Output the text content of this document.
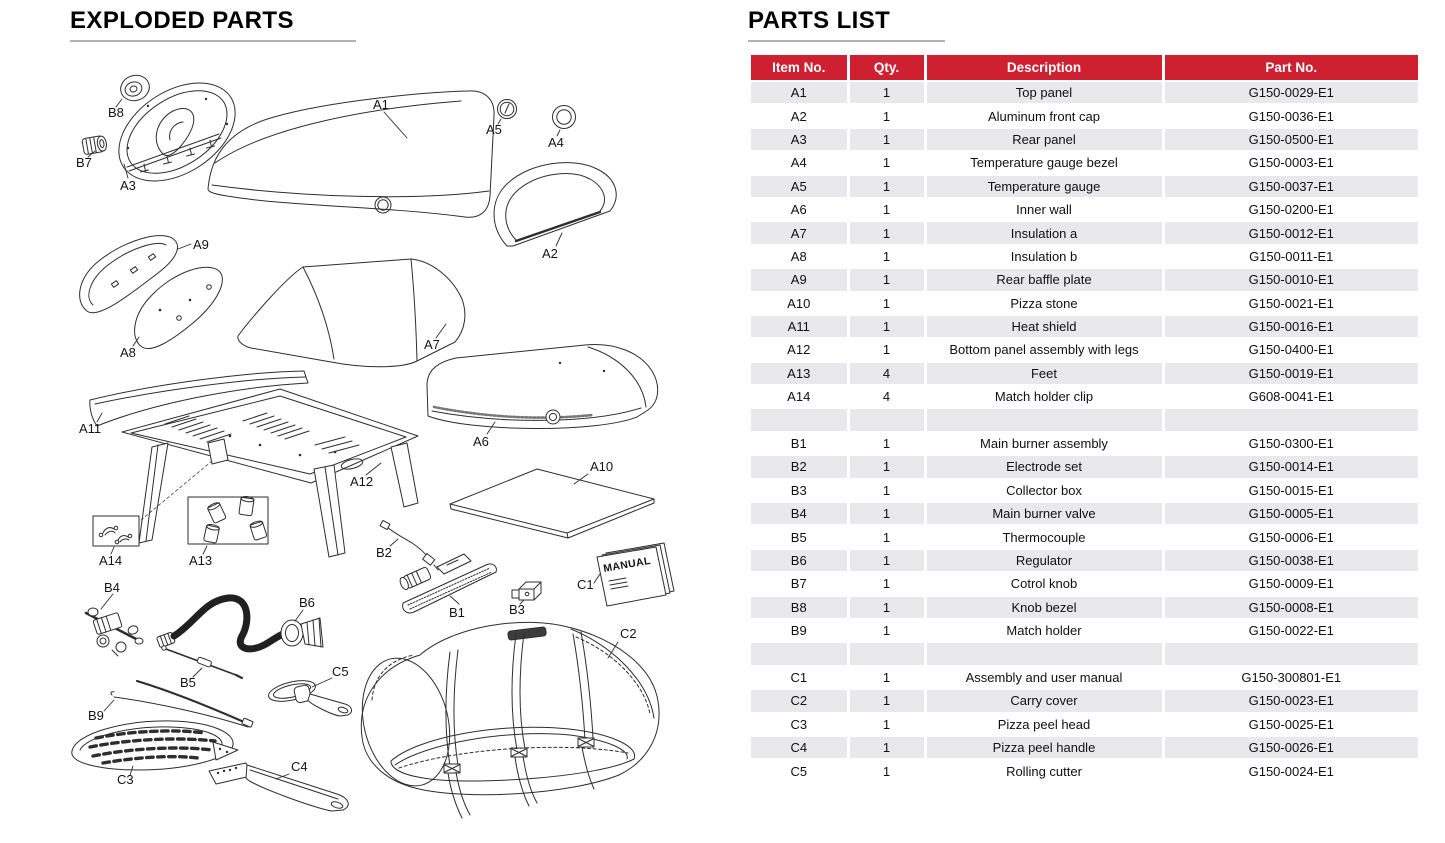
EXPLODED PARTS	PARTS LIST
A1
B8
B7
A3
A5
A4
A2
A9
A8
A7
A11
A12
A6
A10
A14	A13
B2
B1	B3
MANUAL
C1
B4
B6
B5
C5
B9
C3
C4
C2
Item No.	Qty.	Description	Part No.
A1	1	Top panel	G150-0029-E1
A2	1	Aluminum front cap	G150-0036-E1
A3	1	Rear panel	G150-0500-E1
A4	1	Temperature gauge bezel	G150-0003-E1
A5	1	Temperature gauge	G150-0037-E1
A6	1	Inner wall	G150-0200-E1
A7	1	Insulation a	G150-0012-E1
A8	1	Insulation b	G150-0011-E1
A9	1	Rear baffle plate	G150-0010-E1
A10	1	Pizza stone	G150-0021-E1
A11	1	Heat shield	G150-0016-E1
A12	1	Bottom panel assembly with legs	G150-0400-E1
A13	4	Feet	G150-0019-E1
A14	4	Match holder clip	G608-0041-E1

B1	1	Main burner assembly	G150-0300-E1
B2	1	Electrode set	G150-0014-E1
B3	1	Collector box	G150-0015-E1
B4	1	Main burner valve	G150-0005-E1
B5	1	Thermocouple	G150-0006-E1
B6	1	Regulator	G150-0038-E1
B7	1	Cotrol knob	G150-0009-E1
B8	1	Knob bezel	G150-0008-E1
B9	1	Match holder	G150-0022-E1

C1	1	Assembly and user manual	G150-300801-E1
C2	1	Carry cover	G150-0023-E1
C3	1	Pizza peel head	G150-0025-E1
C4	1	Pizza peel handle	G150-0026-E1
C5	1	Rolling cutter	G150-0024-E1
